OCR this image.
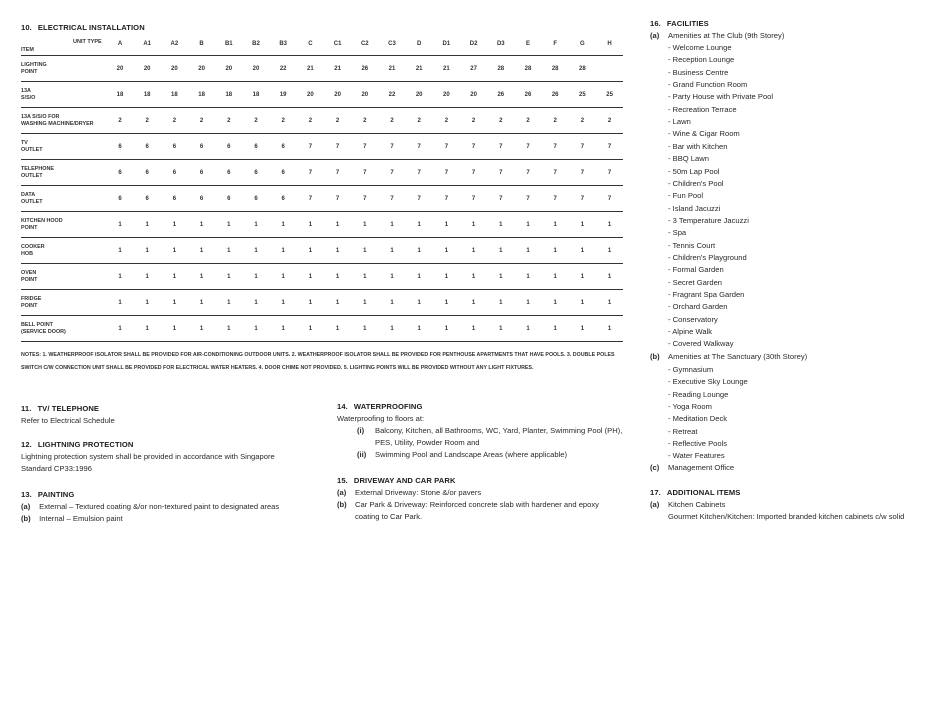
10. ELECTRICAL INSTALLATION
UNIT TYPE
ITEM
A	A1	A2	B	B1	B2	B3	C	C1	C2	C3	D	D1	D2	D3	E	F	G	H
LIGHTING
POINT	20	20	20	20	20	20	22	21	21	26	21	21	21	27	28	28	28	28
13A
S/S/O	18	18	18	18	18	18	19	20	20	20	22	20	20	20	26	26	26	25	25
13A S/S/O FOR
WASHING MACHINE/DRYER	2	2	2	2	2	2	2	2	2	2	2	2	2	2	2	2	2	2	2
TV
OUTLET	6	6	6	6	6	6	6	7	7	7	7	7	7	7	7	7	7	7	7
TELEPHONE
OUTLET	6	6	6	6	6	6	6	7	7	7	7	7	7	7	7	7	7	7	7
DATA
OUTLET	6	6	6	6	6	6	6	7	7	7	7	7	7	7	7	7	7	7	7
KITCHEN HOOD
POINT	1	1	1	1	1	1	1	1	1	1	1	1	1	1	1	1	1	1	1
COOKER
HOB	1	1	1	1	1	1	1	1	1	1	1	1	1	1	1	1	1	1	1
OVEN
POINT	1	1	1	1	1	1	1	1	1	1	1	1	1	1	1	1	1	1	1
FRIDGE
POINT	1	1	1	1	1	1	1	1	1	1	1	1	1	1	1	1	1	1	1
BELL POINT
(SERVICE DOOR)	1	1	1	1	1	1	1	1	1	1	1	1	1	1	1	1	1	1	1
NOTES: 1. WEATHERPROOF ISOLATOR SHALL BE PROVIDED FOR AIR-CONDITIONING OUTDOOR UNITS. 2. WEATHERPROOF ISOLATOR SHALL BE PROVIDED FOR PENTHOUSE APARTMENTS THAT HAVE POOLS. 3. DOUBLE POLES SWITCH C/W CONNECTION UNIT SHALL BE PROVIDED FOR ELECTRICAL WATER HEATERS. 4. DOOR CHIME NOT PROVIDED. 5. LIGHTING POINTS WILL BE PROVIDED WITHOUT ANY LIGHT FIXTURES.
11. TV/ TELEPHONE
Refer to Electrical Schedule
12. LIGHTNING PROTECTION
Lightning protection system shall be provided in accordance with Singapore
Standard CP33:1996
13. PAINTING
(a) External – Textured coating &/or non-textured paint to designated areas
(b) Internal – Emulsion paint
14. WATERPROOFING
Waterproofing to floors at:
(i) Balcony, Kitchen, all Bathrooms, WC, Yard, Planter, Swimming Pool (PH),
PES, Utility, Powder Room and
(ii) Swimming Pool and Landscape Areas (where applicable)
15. DRIVEWAY AND CAR PARK
(a) External Driveway: Stone &/or pavers
(b) Car Park & Driveway: Reinforced concrete slab with hardener and epoxy
coating to Car Park.
16. FACILITIES
(a) Amenities at The Club (9th Storey)
- Welcome Lounge
- Reception Lounge
- Business Centre
- Grand Function Room
- Party House with Private Pool
- Recreation Terrace
- Lawn
- Wine & Cigar Room
- Bar with Kitchen
- BBQ Lawn
- 50m Lap Pool
- Children's Pool
- Fun Pool
- Island Jacuzzi
- 3 Temperature Jacuzzi
- Spa
- Tennis Court
- Children's Playground
- Formal Garden
- Secret Garden
- Fragrant Spa Garden
- Orchard Garden
- Conservatory
- Alpine Walk
- Covered Walkway
(b) Amenities at The Sanctuary (30th Storey)
- Gymnasium
- Executive Sky Lounge
- Reading Lounge
- Yoga Room
- Meditation Deck
- Retreat
- Reflective Pools
- Water Features
(c) Management Office
17. ADDITIONAL ITEMS
(a) Kitchen Cabinets
Gourmet Kitchen/Kitchen: Imported branded kitchen cabinets c/w solid
